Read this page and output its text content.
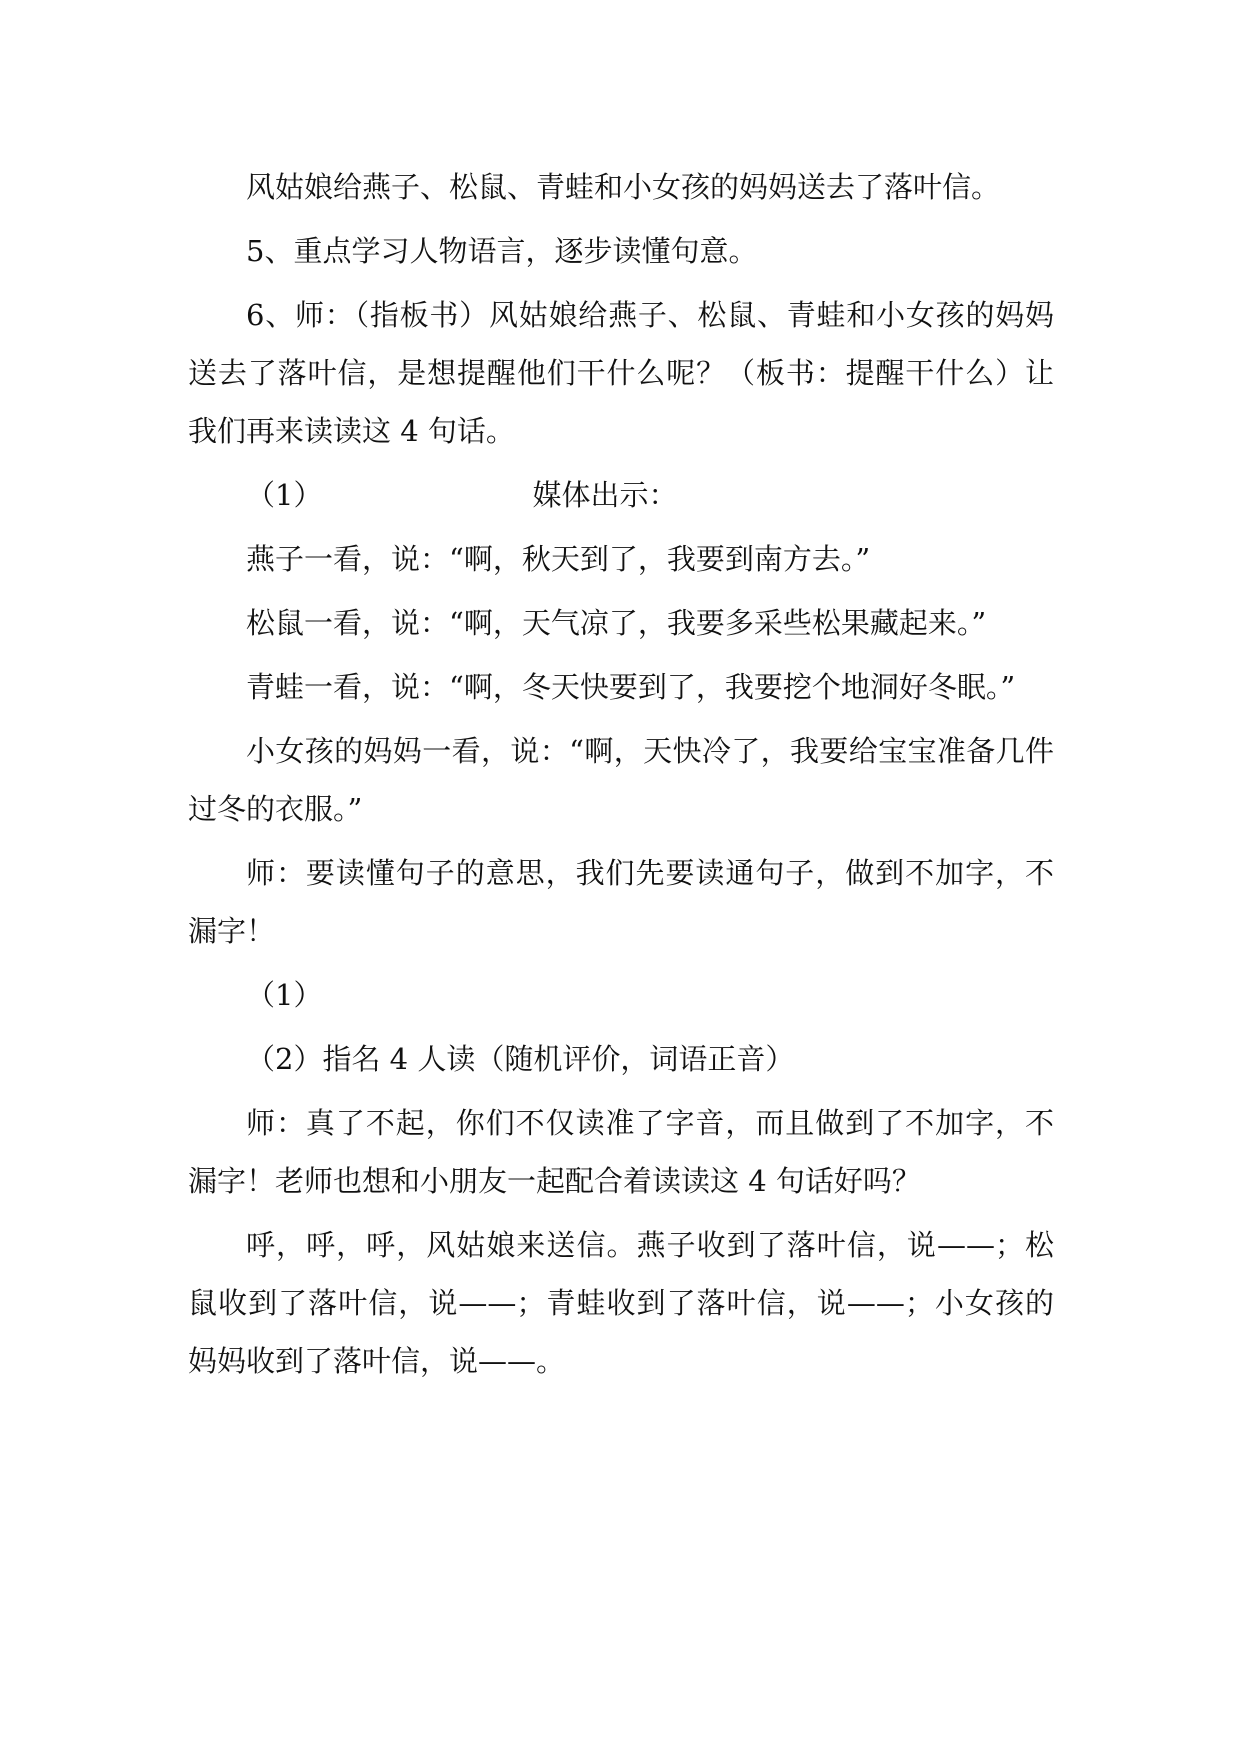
风姑娘给燕子、松鼠、青蛙和小女孩的妈妈送去了落叶信。

5、重点学习人物语言，逐步读懂句意。

6、师：（指板书）风姑娘给燕子、松鼠、青蛙和小女孩的妈妈送去了落叶信，是想提醒他们干什么呢？（板书：提醒干什么）让我们再来读读这 4 句话。

（1）	媒体出示：

燕子一看，说：“啊，秋天到了，我要到南方去。”

松鼠一看，说：“啊，天气凉了，我要多采些松果藏起来。”

青蛙一看，说：“啊，冬天快要到了，我要挖个地洞好冬眠。”

小女孩的妈妈一看，说：“啊，天快冷了，我要给宝宝准备几件过冬的衣服。”

师：要读懂句子的意思，我们先要读通句子，做到不加字，不漏字！

（1）

（2）指名 4 人读（随机评价，词语正音）

师：真了不起，你们不仅读准了字音，而且做到了不加字，不漏字！老师也想和小朋友一起配合着读读这 4 句话好吗？

呼，呼，呼，风姑娘来送信。燕子收到了落叶信，说——；松鼠收到了落叶信，说——；青蛙收到了落叶信，说——；小女孩的妈妈收到了落叶信，说——。
